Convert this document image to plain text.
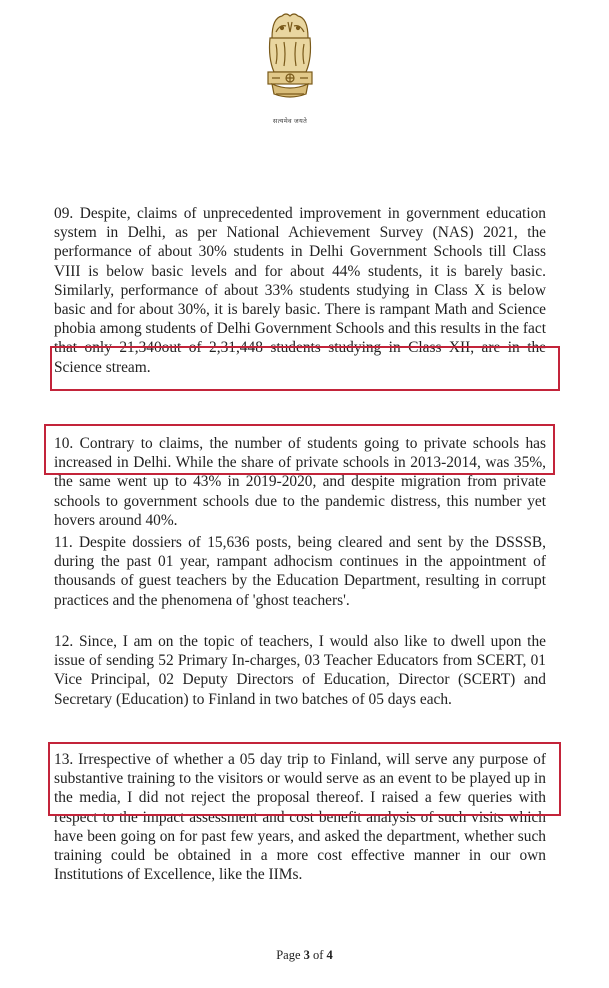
सत्यमेव जयते

09. Despite, claims of unprecedented improvement in government education system in Delhi, as per National Achievement Survey (NAS) 2021, the performance of about 30% students in Delhi Government Schools till Class VIII is below basic levels and for about 44% students, it is barely basic. Similarly, performance of about 33% students studying in Class X is below basic and for about 30%, it is barely basic. There is rampant Math and Science phobia among students of Delhi Government Schools and this results in the fact that only 21,340out of 2,31,448 students studying in Class XII, are in the Science stream.

10. Contrary to claims, the number of students going to private schools has increased in Delhi. While the share of private schools in 2013-2014, was 35%, the same went up to 43% in 2019-2020, and despite migration from private schools to government schools due to the pandemic distress, this number yet hovers around 40%.

11. Despite dossiers of 15,636 posts, being cleared and sent by the DSSSB, during the past 01 year, rampant adhocism continues in the appointment of thousands of guest teachers by the Education Department, resulting in corrupt practices and the phenomena of 'ghost teachers'.

12. Since, I am on the topic of teachers, I would also like to dwell upon the issue of sending 52 Primary In-charges, 03 Teacher Educators from SCERT, 01 Vice Principal, 02 Deputy Directors of Education, Director (SCERT) and Secretary (Education) to Finland in two batches of 05 days each.

13. Irrespective of whether a 05 day trip to Finland, will serve any purpose of substantive training to the visitors or would serve as an event to be played up in the media, I did not reject the proposal thereof. I raised a few queries with respect to the impact assessment and cost benefit analysis of such visits which have been going on for past few years, and asked the department, whether such training could be obtained in a more cost effective manner in our own Institutions of Excellence, like the IIMs.

Page 3 of 4
